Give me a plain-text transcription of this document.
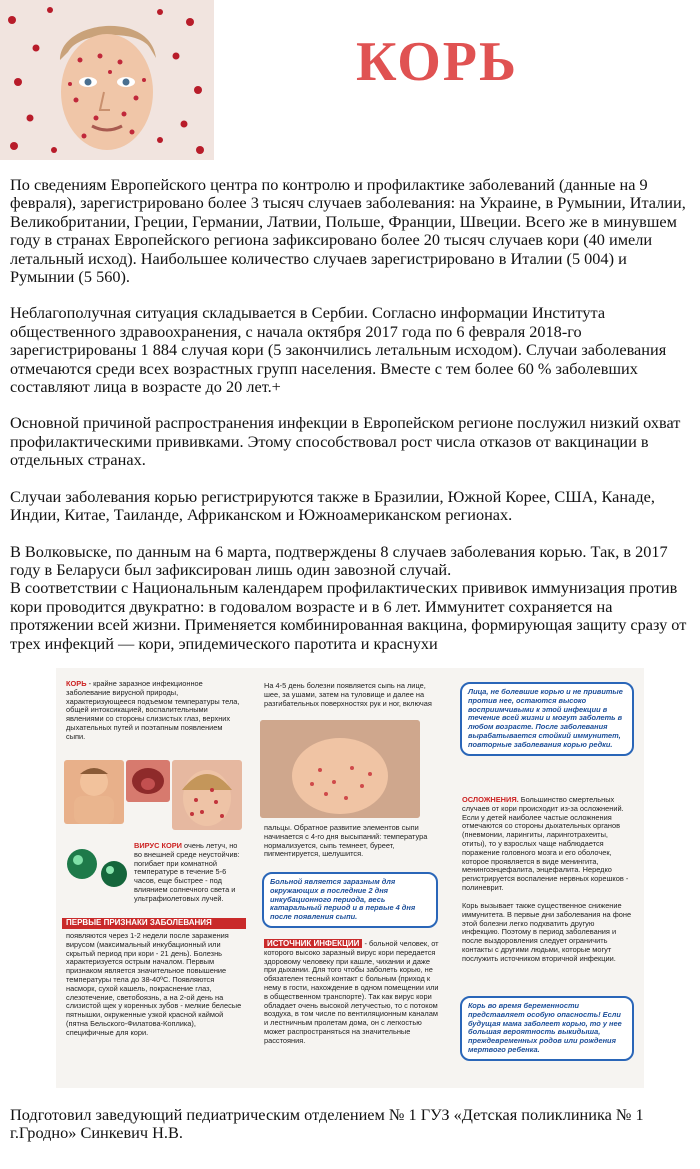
КОРЬ

По сведениям Европейского центра по контролю и профилактике заболеваний (данные на 9 февраля), зарегистрировано более 3 тысяч случаев заболевания: на Украине, в Румынии, Италии, Великобритании, Греции, Германии, Латвии, Польше, Франции, Швеции. Всего же в минувшем году в странах Европейского региона зафиксировано более 20 тысяч случаев кори (40 имели летальный исход). Наибольшее количество случаев зарегистрировано в Италии (5 004) и Румынии (5 560).

Неблагополучная ситуация складывается в Сербии. Согласно информации Института общественного здравоохранения, с начала октября 2017 года по 6 февраля 2018-го зарегистрированы 1 884 случая кори (5 закончились летальным исходом). Случаи заболевания отмечаются среди всех возрастных групп населения. Вместе с тем более 60 % заболевших составляют лица в возрасте до 20 лет.+

Основной причиной распространения инфекции в Европейском регионе послужил низкий охват профилактическими прививками. Этому способствовал рост числа отказов от вакцинации в отдельных странах.

Случаи заболевания корью регистрируются также в Бразилии, Южной Корее, США, Канаде, Индии, Китае, Таиланде, Африканском и Южноамериканском регионах.

В Волковыске, по данным на 6 марта, подтверждены 8 случаев заболевания корью. Так, в 2017 году в Беларуси был зафиксирован лишь один завозной случай.

В соответствии с Национальным календарем профилактических прививок иммунизация против кори проводится двукратно: в годовалом возрасте и в 6 лет. Иммунитет сохраняется на протяжении всей жизни. Применяется комбинированная вакцина, формирующая защиту сразу от трех инфекций — кори, эпидемического паротита и краснухи

КОРЬ - крайне заразное инфекционное заболевание вирусной природы, характеризующееся подъемом температуры тела, общей интоксикацией, воспалительными явлениями со стороны слизистых глаз, верхних дыхательных путей и поэтапным появлением сыпи.
ВИРУС КОРИ очень летуч, но во внешней среде неустойчив: погибает при комнатной температуре в течение 5-6 часов, еще быстрее - под влиянием солнечного света и ультрафиолетовых лучей.
ПЕРВЫЕ ПРИЗНАКИ ЗАБОЛЕВАНИЯ
появляются через 1-2 недели после заражения вирусом (максимальный инкубационный или скрытый период при кори - 21 день). Болезнь характеризуется острым началом. Первым признаком является значительное повышение температуры тела до 38-40ºС. Появляются насморк, сухой кашель, покраснение глаз, слезотечение, светобоязнь, а на 2-ой день на слизистой щек у коренных зубов - мелкие белесые пятнышки, окруженные узкой красной каймой (пятна Бельского-Филатова-Коплика), специфичные для кори.
На 4-5 день болезни появляется сыпь на лице, шее, за ушами, затем на туловище и далее на разгибательных поверхностях рук и ног, включая
пальцы. Обратное развитие элементов сыпи начинается с 4-го дня высыпаний: температура нормализуется, сыпь темнеет, буреет, пигментируется, шелушится.
Больной является заразным для окружающих в последние 2 дня инкубационного периода, весь катаральный период и в первые 4 дня после появления сыпи.
ИСТОЧНИК ИНФЕКЦИИ - больной человек, от которого высоко заразный вирус кори передается здоровому человеку при кашле, чихании и даже при дыхании. Для того чтобы заболеть корью, не обязателен тесный контакт с больным (приход к нему в гости, нахождение в одном помещении или в общественном транспорте). Так как вирус кори обладает очень высокой летучестью, то с потоком воздуха, в том числе по вентиляционным каналам и лестничным пролетам дома, он с легкостью может распространяться на значительные расстояния.
Лица, не болевшие корью и не привитые против нее, остаются высоко восприимчивыми к этой инфекции в течение всей жизни и могут заболеть в любом возрасте. После заболевания вырабатывается стойкий иммунитет, повторные заболевания корью редки.
ОСЛОЖНЕНИЯ. Большинство смертельных случаев от кори происходит из-за осложнений. Если у детей наиболее частые осложнения отмечаются со стороны дыхательных органов (пневмонии, ларингиты, ларинготрахеиты, отиты), то у взрослых чаще наблюдается поражение головного мозга и его оболочек, которое проявляется в виде менингита, менингоэнцефалита, энцефалита. Нередко регистрируется воспаление нервных корешков - полиневрит.
Корь вызывает также существенное снижение иммунитета. В первые дни заболевания на фоне этой болезни легко подхватить другую инфекцию. Поэтому в период заболевания и после выздоровления следует ограничить контакты с другими людьми, которые могут послужить источником вторичной инфекции.
Корь во время беременности представляет особую опасность! Если будущая мама заболеет корью, то у нее большая вероятность выкидыша, преждевременных родов или рождения мертвого ребенка.
Подготовил заведующий педиатрическим отделением № 1 ГУЗ «Детская поликлиника № 1 г.Гродно» Синкевич Н.В.
